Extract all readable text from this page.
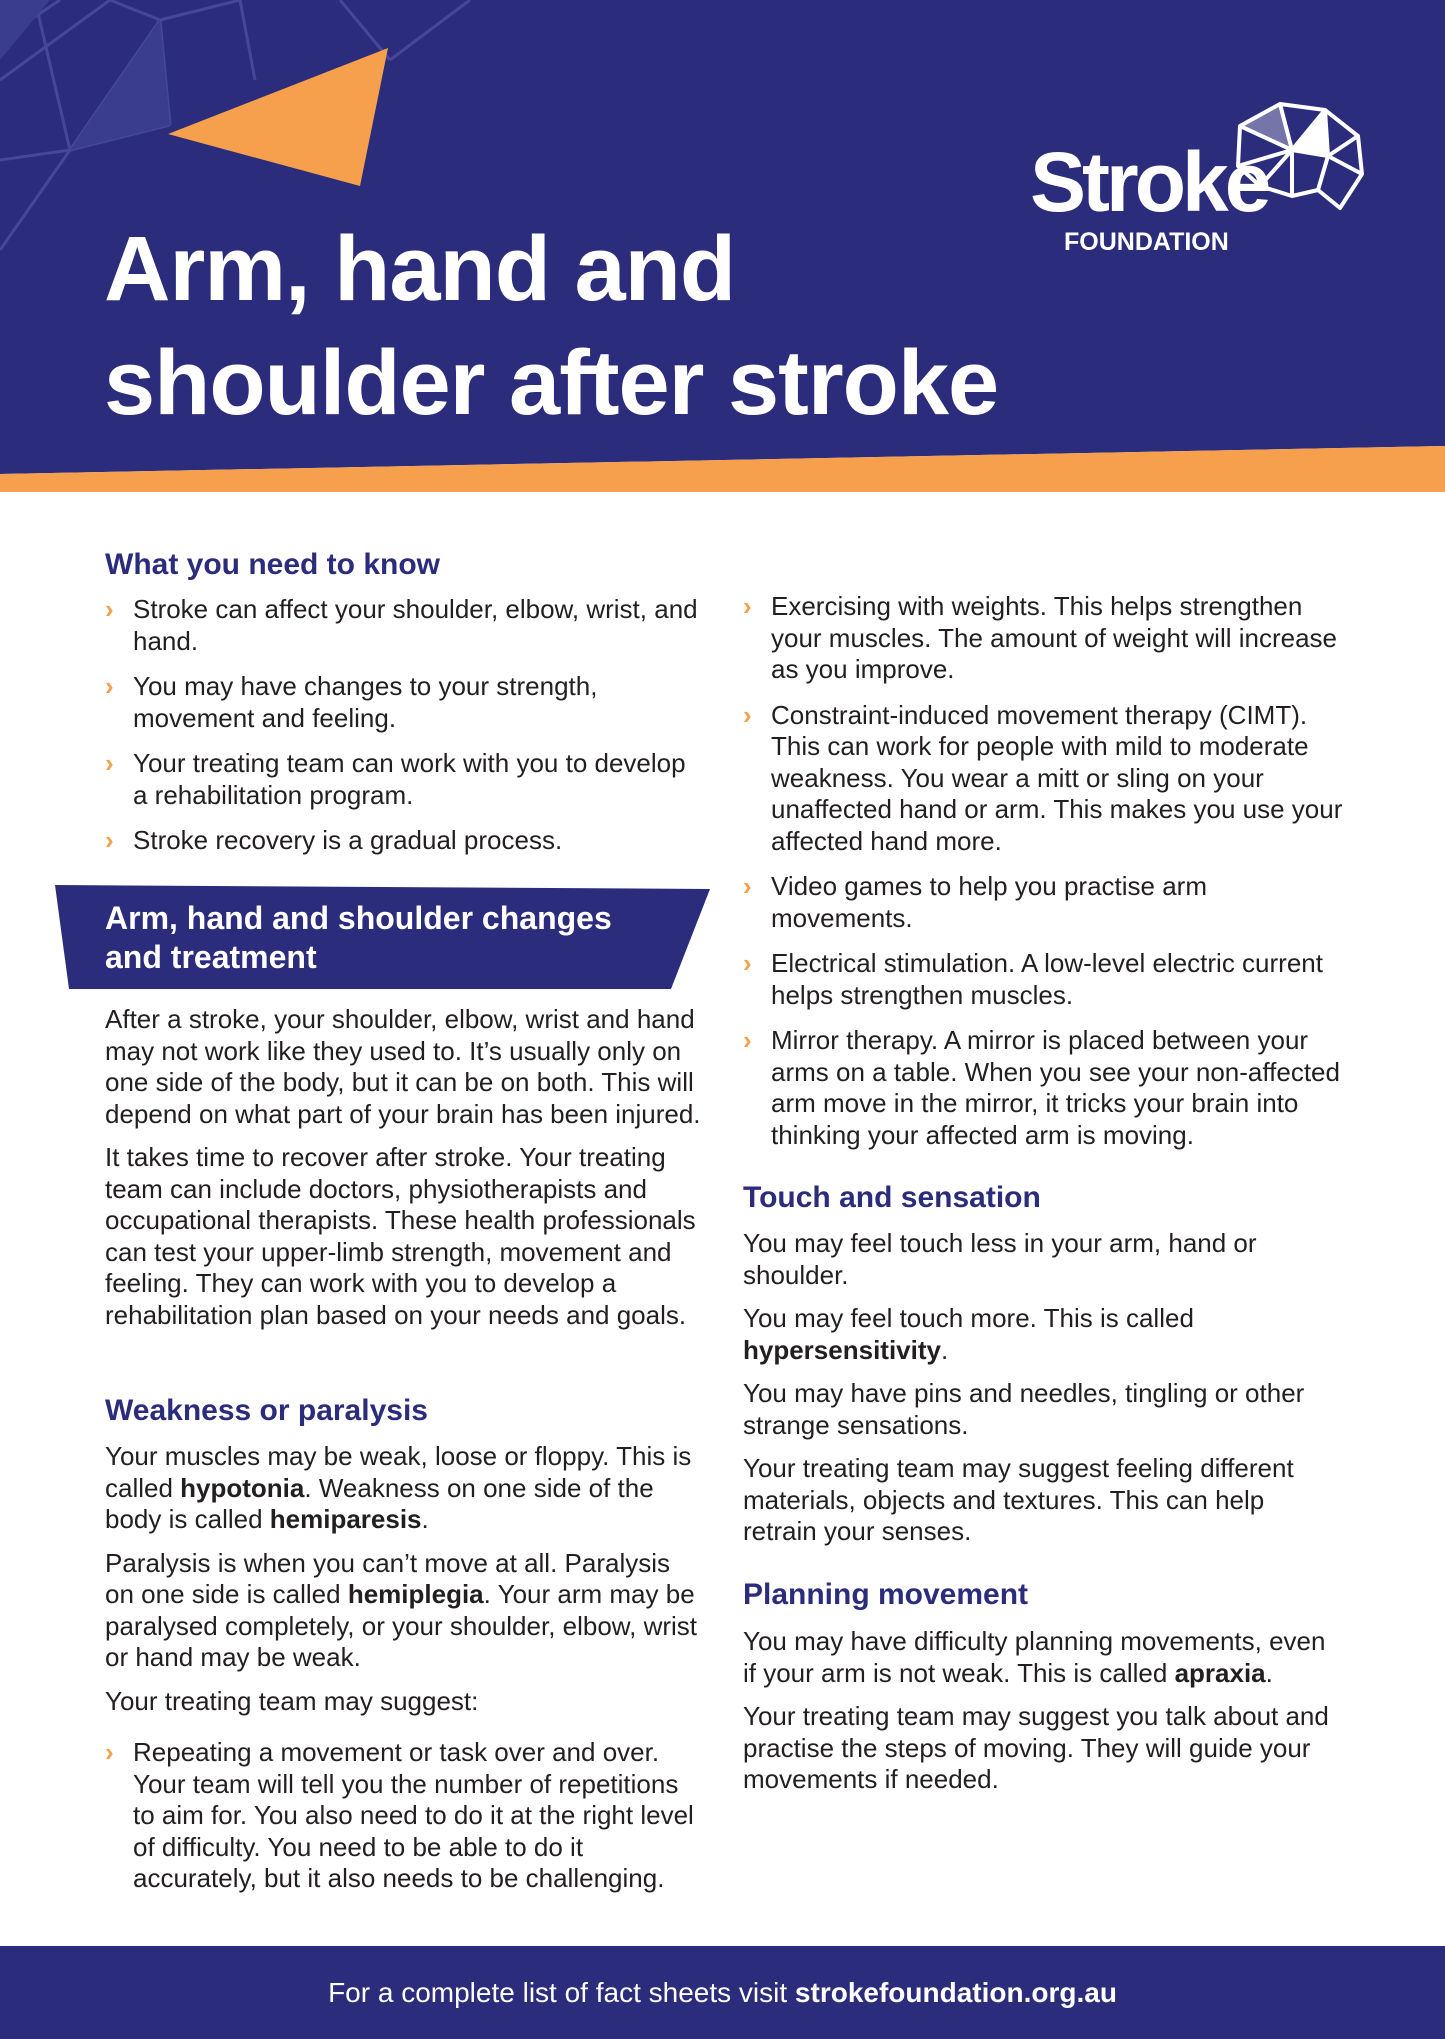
Arm, hand and
shoulder after stroke
Stroke
FOUNDATION
What you need to know
› Stroke can affect your shoulder, elbow, wrist, and hand.
› You may have changes to your strength, movement and feeling.
› Your treating team can work with you to develop a rehabilitation program.
› Stroke recovery is a gradual process.
Arm, hand and shoulder changes
and treatment

After a stroke, your shoulder, elbow, wrist and hand may not work like they used to. It’s usually only on one side of the body, but it can be on both. This will depend on what part of your brain has been injured.

It takes time to recover after stroke. Your treating team can include doctors, physiotherapists and occupational therapists. These health professionals can test your upper-limb strength, movement and feeling. They can work with you to develop a rehabilitation plan based on your needs and goals.

Weakness or paralysis

Your muscles may be weak, loose or floppy. This is called hypotonia. Weakness on one side of the body is called hemiparesis.

Paralysis is when you can’t move at all. Paralysis on one side is called hemiplegia. Your arm may be paralysed completely, or your shoulder, elbow, wrist or hand may be weak.

Your treating team may suggest:

› Repeating a movement or task over and over. Your team will tell you the number of repetitions to aim for. You also need to do it at the right level of difficulty. You need to be able to do it accurately, but it also needs to be challenging.
› Exercising with weights. This helps strengthen your muscles. The amount of weight will increase as you improve.
› Constraint-induced movement therapy (CIMT). This can work for people with mild to moderate weakness. You wear a mitt or sling on your unaffected hand or arm. This makes you use your affected hand more.
› Video games to help you practise arm movements.
› Electrical stimulation. A low-level electric current helps strengthen muscles.
› Mirror therapy. A mirror is placed between your arms on a table. When you see your non-affected arm move in the mirror, it tricks your brain into thinking your affected arm is moving.
Touch and sensation

You may feel touch less in your arm, hand or shoulder.

You may feel touch more. This is called hypersensitivity.

You may have pins and needles, tingling or other strange sensations.

Your treating team may suggest feeling different materials, objects and textures. This can help retrain your senses.

Planning movement

You may have difficulty planning movements, even if your arm is not weak. This is called apraxia.

Your treating team may suggest you talk about and practise the steps of moving. They will guide your movements if needed.

For a complete list of fact sheets visit strokefoundation.org.au
